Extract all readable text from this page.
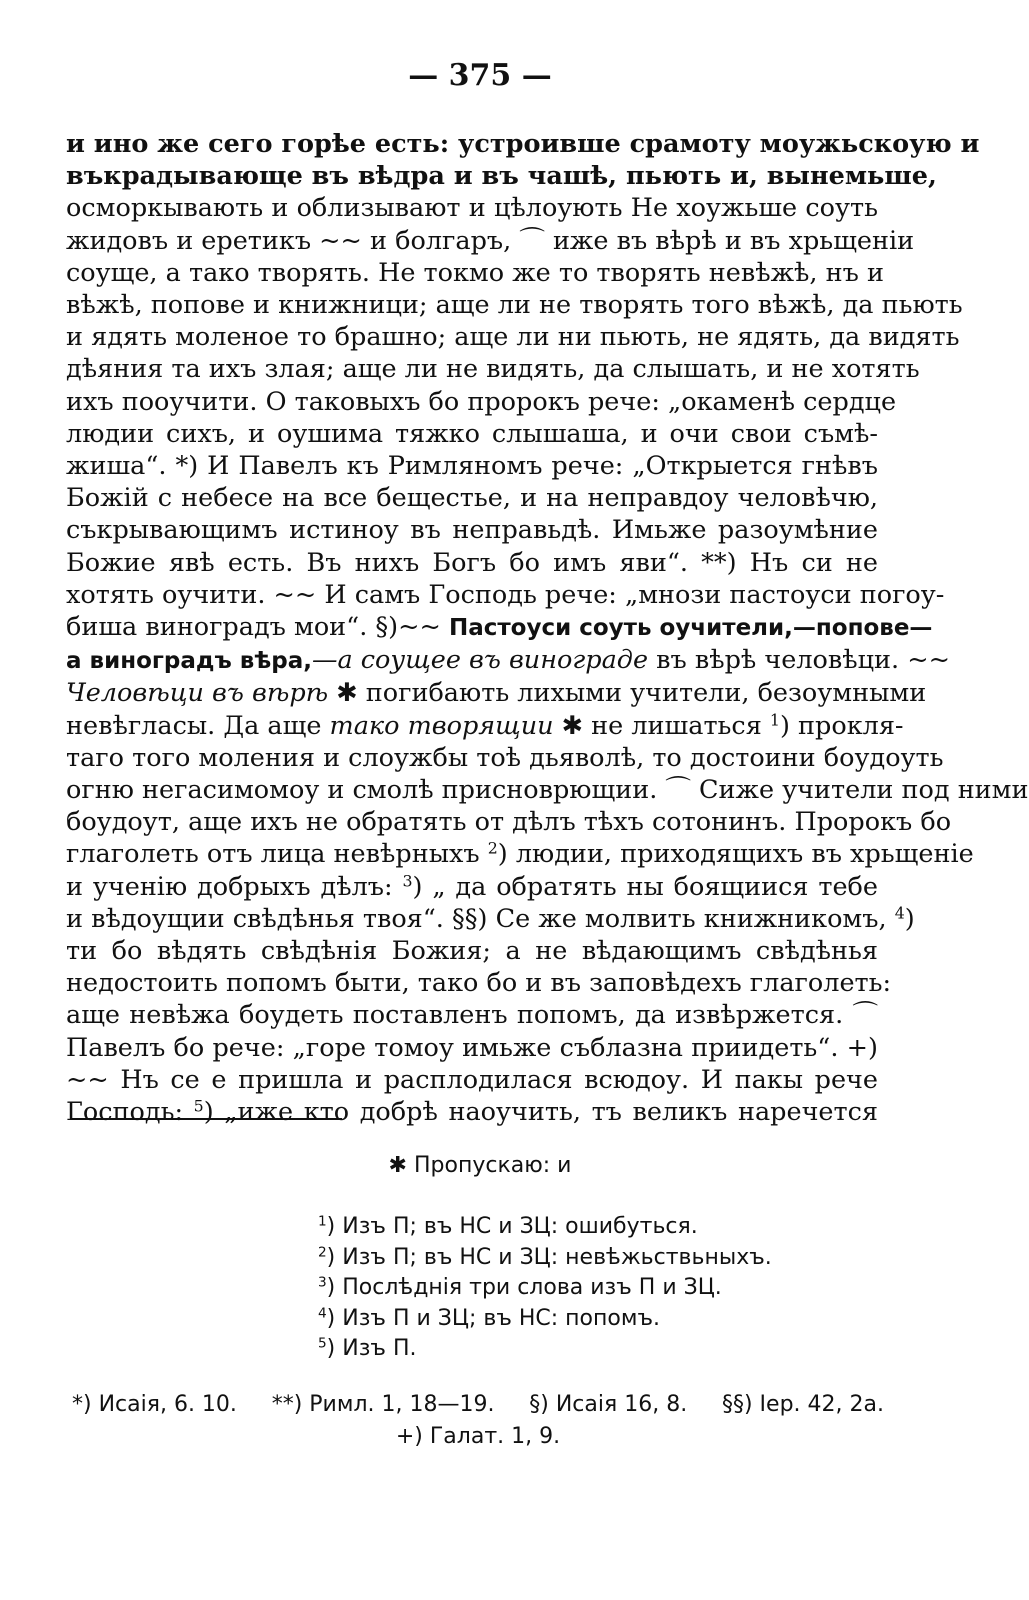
— 375 —
и ино же сего горѣе есть: устроивше срамоту моужьскоую и
въкрадывающе въ вѣдра и въ чашѣ, пьють и, вынемьше,
осморкывають и облизывают и цѣлоують Не хоужьше соуть
жидовъ и еретикъ ~~ и болгаръ, ⌒ иже въ вѣрѣ и въ хрьщеніи
соуще, а тако творять. Не токмо же то творять невѣжѣ, нъ и
вѣжѣ, попове и книжници; аще ли не творять того вѣжѣ, да пьють
и ядять моленое то брашно; аще ли ни пьють, не ядять, да видять
дѣяния та ихъ злая; аще ли не видять, да слышать, и не хотять
ихъ пооучити. О таковыхъ бо пророкъ рече: „окаменѣ сердце
людии сихъ, и оушима тяжко слышаша, и очи свои съмѣ-
жиша“. *) И Павелъ къ Римляномъ рече: „Открыется гнѣвъ
Божій с небесе на все бещестье, и на неправдоу человѣчю,
съкрывающимъ истиноу въ неправьдѣ. Имьже разоумѣние
Божие явѣ есть. Въ нихъ Богъ бо имъ яви“. **) Нъ си не
хотять оучити. ~~ И самъ Господь рече: „мнози пастоуси погоу-
биша виноградъ мои“. §)~~ Пастоуси соуть оучители,—попове—
а виноградъ вѣра,—а соущее въ винограде въ вѣрѣ человѣци. ~~
Человѣци въ вѣрѣ ✱ погибають лихыми учители, безоумными
невѣгласы. Да аще тако творящии ✱ не лишаться $^1$) прокля-
таго того моления и слоужбы тоѣ дьяволѣ, то достоини боудоуть
огню негасимомоу и смолѣ присноврющии. ⌒ Сиже учители под ними
боудоут, аще ихъ не обратять от дѣлъ тѣхъ сотонинъ. Пророкъ бо
глаголеть отъ лица невѣрныхъ $^2$) людии, приходящихъ въ хрьщеніе
и ученію добрыхъ дѣлъ: $^3$) „ да обратять ны боящиися тебе
и вѣдоущии свѣдѣнья твоя“. §§) Се же молвить книжникомъ, $^4$)
ти бо вѣдять свѣдѣнія Божия; а не вѣдающимъ свѣдѣнья
недостоить попомъ быти, тако бо и въ заповѣдехъ глаголеть:
аще невѣжа боудеть поставленъ попомъ, да извѣржется. ⌒
Павелъ бо рече: „горе томоу имьже съблазна приидеть“. +)
~~ Нъ се е пришла и расплодилася всюдоу. И пакы рече
Господь: $^5$) „иже кто добрѣ наоучить, тъ великъ наречется
✱ Пропускаю: и
$^1$) Изъ П; въ НС и ЗЦ: ошибуться.
$^2$) Изъ П; въ НС и ЗЦ: невѣжьствьныхъ.
$^3$) Послѣднія три слова изъ П и ЗЦ.
$^4$) Изъ П и ЗЦ; въ НС: попомъ.
$^5$) Изъ П.
*) Исаія, 6. 10. **) Римл. 1, 18—19. §) Исаія 16, 8. §§) Іер. 42, 2а.
+) Галат. 1, 9.
